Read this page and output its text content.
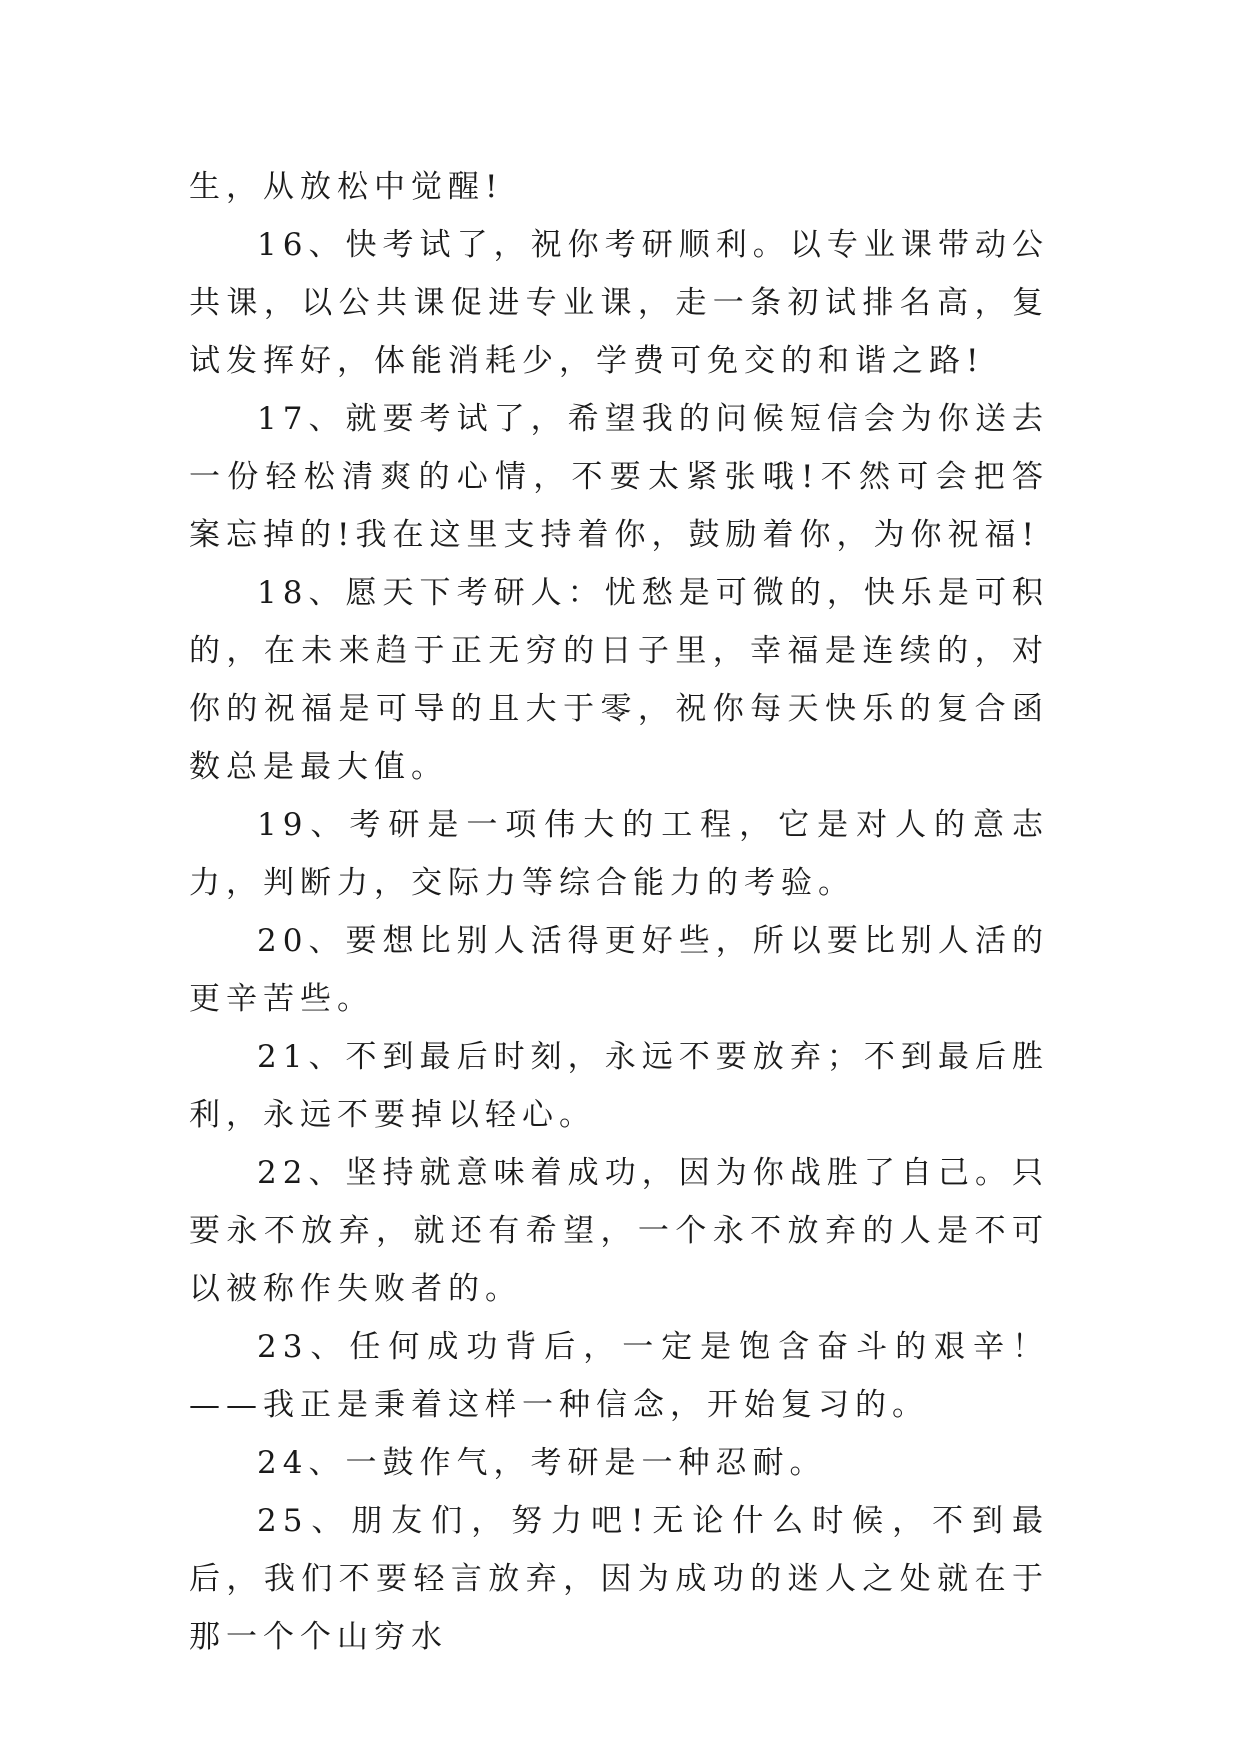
生，从放松中觉醒!

16、快考试了，祝你考研顺利。以专业课带动公共课，以公共课促进专业课，走一条初试排名高，复试发挥好，体能消耗少，学费可免交的和谐之路!

17、就要考试了，希望我的问候短信会为你送去一份轻松清爽的心情，不要太紧张哦!不然可会把答案忘掉的!我在这里支持着你，鼓励着你，为你祝福!

18、愿天下考研人：忧愁是可微的，快乐是可积的，在未来趋于正无穷的日子里，幸福是连续的，对你的祝福是可导的且大于零，祝你每天快乐的复合函数总是最大值。

19、考研是一项伟大的工程，它是对人的意志力，判断力，交际力等综合能力的考验。

20、要想比别人活得更好些，所以要比别人活的更辛苦些。

21、不到最后时刻，永远不要放弃；不到最后胜利，永远不要掉以轻心。

22、坚持就意味着成功，因为你战胜了自己。只要永不放弃，就还有希望，一个永不放弃的人是不可以被称作失败者的。

23、任何成功背后，一定是饱含奋斗的艰辛！——我正是秉着这样一种信念，开始复习的。

24、一鼓作气，考研是一种忍耐。

25、朋友们，努力吧!无论什么时候，不到最后，我们不要轻言放弃，因为成功的迷人之处就在于那一个个山穷水
